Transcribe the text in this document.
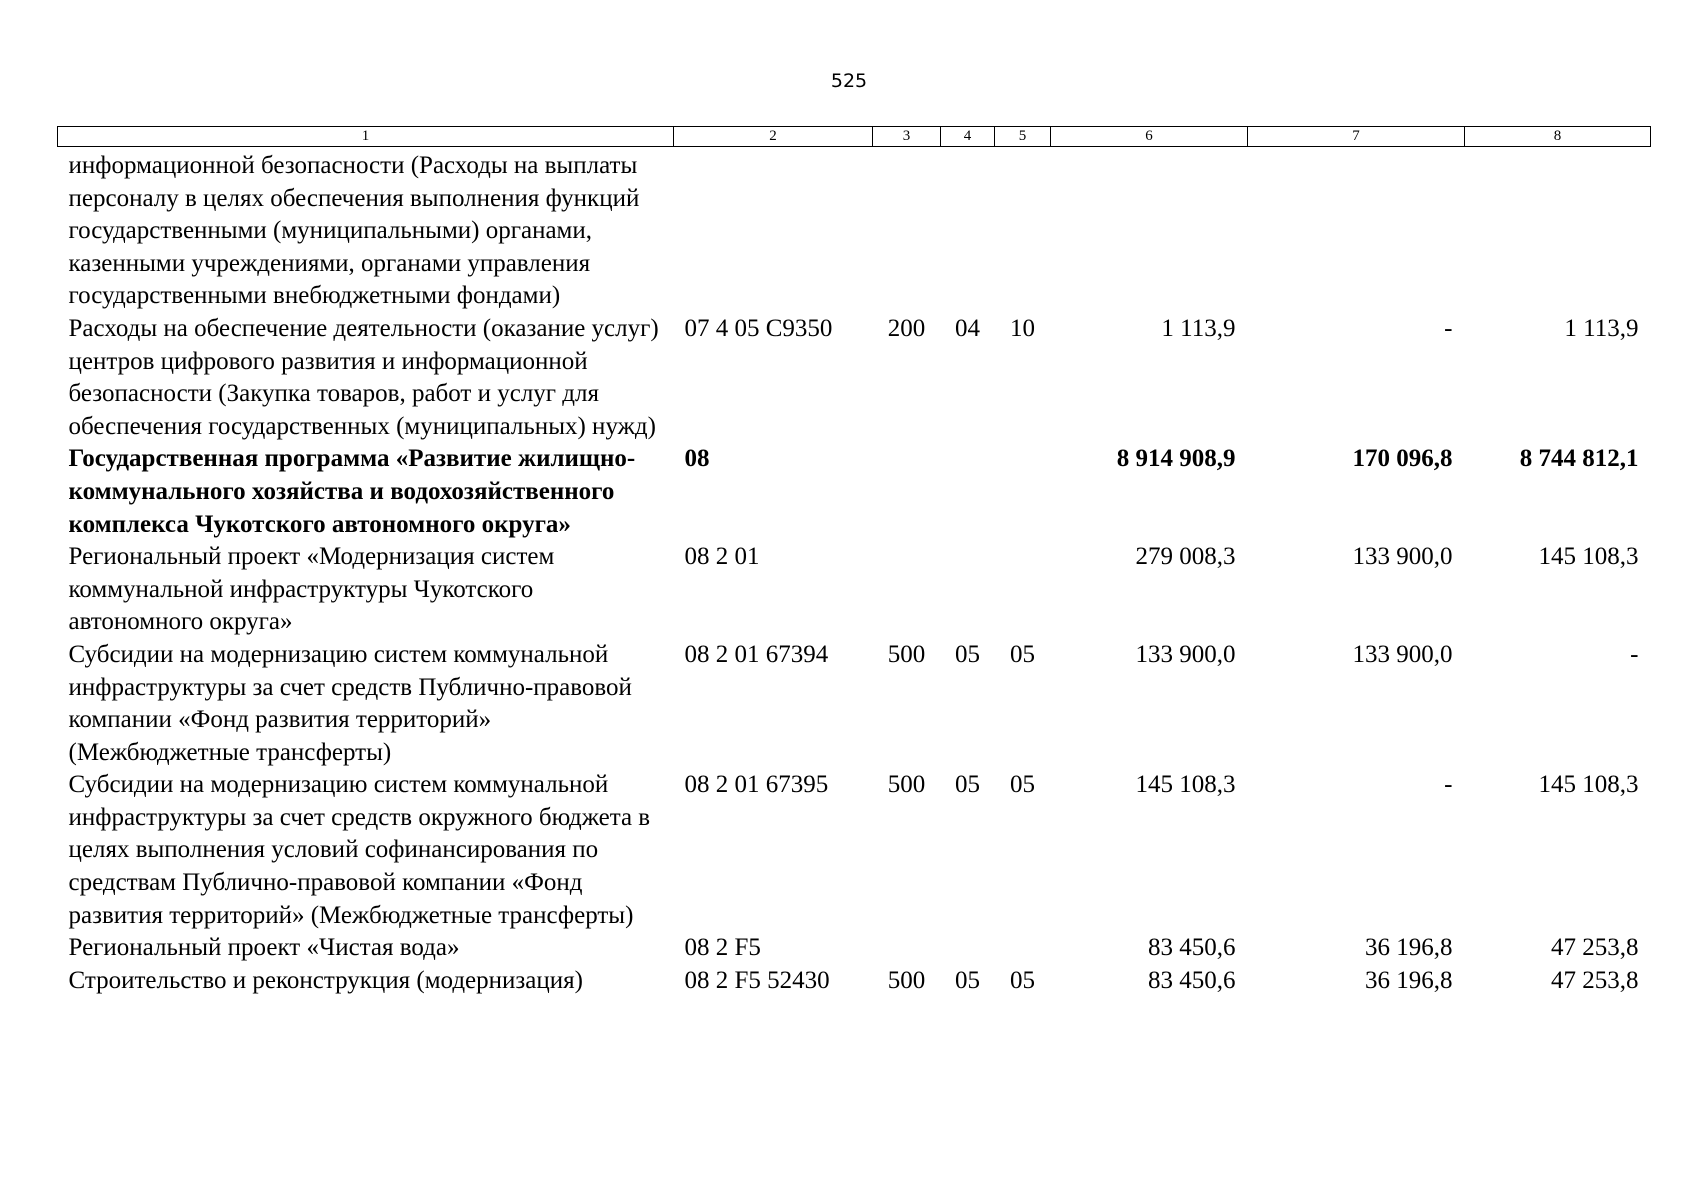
525
1	2	3	4	5	6	7	8
информационной безопасности (Расходы на выплаты персоналу в целях обеспечения выполнения функций государственными (муниципальными) органами, казенными учреждениями, органами управления государственными внебюджетными фондами)							
Расходы на обеспечение деятельности (оказание услуг) центров цифрового развития и информационной безопасности (Закупка товаров, работ и услуг для обеспечения государственных (муниципальных) нужд)	07 4 05 С9350	200	04	10	1 113,9	-	1 113,9
Государственная программа «Развитие жилищно-коммунального хозяйства и водохозяйственного комплекса Чукотского автономного округа»	08				8 914 908,9	170 096,8	8 744 812,1
Региональный проект «Модернизация систем коммунальной инфраструктуры Чукотского автономного округа»	08 2 01				279 008,3	133 900,0	145 108,3
Субсидии на модернизацию систем коммунальной инфраструктуры за счет средств Публично-правовой компании «Фонд развития территорий» (Межбюджетные трансферты)	08 2 01 67394	500	05	05	133 900,0	133 900,0	-
Субсидии на модернизацию систем коммунальной инфраструктуры за счет средств окружного бюджета в целях выполнения условий софинансирования по средствам Публично-правовой компании «Фонд развития территорий» (Межбюджетные трансферты)	08 2 01 67395	500	05	05	145 108,3	-	145 108,3
Региональный проект «Чистая вода»	08 2 F5				83 450,6	36 196,8	47 253,8
Строительство и реконструкция (модернизация)	08 2 F5 52430	500	05	05	83 450,6	36 196,8	47 253,8
